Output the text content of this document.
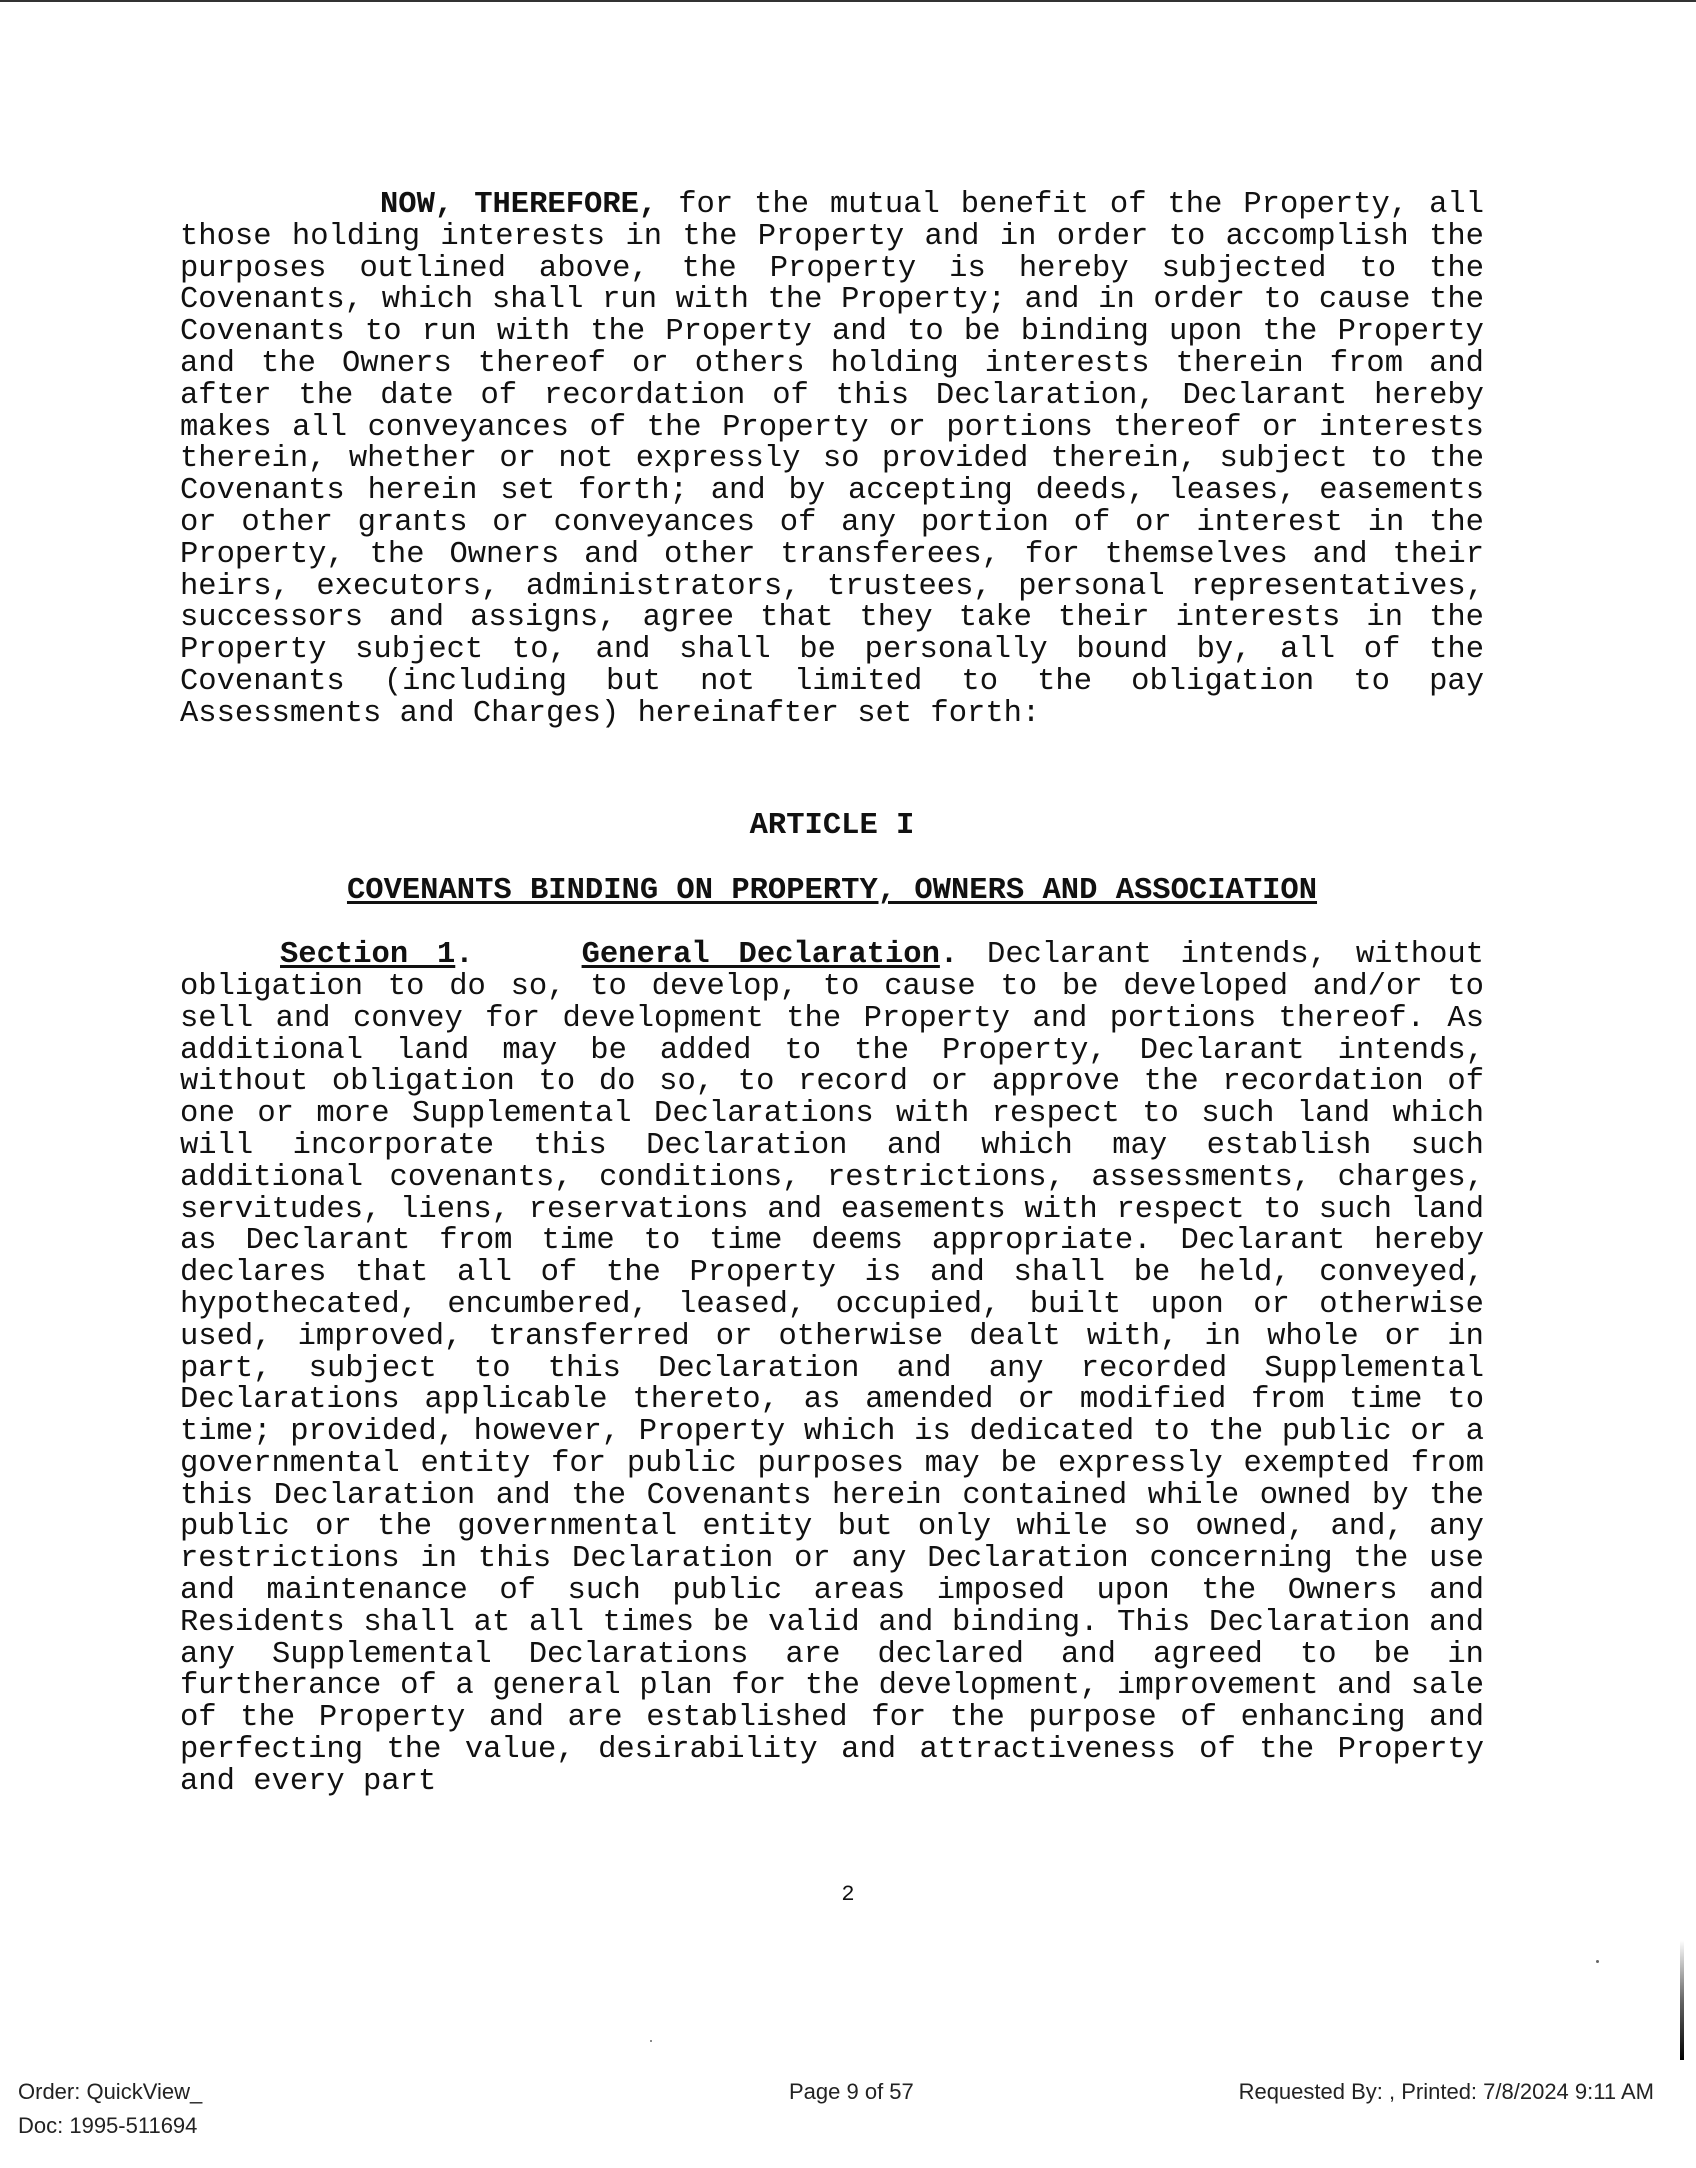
NOW, THEREFORE, for the mutual benefit of the Property, all those holding interests in the Property and in order to accomplish the purposes outlined above, the Property is hereby subjected to the Covenants, which shall run with the Property; and in order to cause the Covenants to run with the Property and to be binding upon the Property and the Owners thereof or others holding interests therein from and after the date of recordation of this Declaration, Declarant hereby makes all conveyances of the Property or portions thereof or interests therein, whether or not expressly so provided therein, subject to the Covenants herein set forth; and by accepting deeds, leases, easements or other grants or conveyances of any portion of or interest in the Property, the Owners and other transferees, for themselves and their heirs, executors, administrators, trustees, personal representatives, successors and assigns, agree that they take their interests in the Property subject to, and shall be personally bound by, all of the Covenants (including but not limited to the obligation to pay Assessments and Charges) hereinafter set forth:

ARTICLE I

COVENANTS BINDING ON PROPERTY, OWNERS AND ASSOCIATION

Section 1.	General Declaration. Declarant intends, without obligation to do so, to develop, to cause to be developed and/or to sell and convey for development the Property and portions thereof. As additional land may be added to the Property, Declarant intends, without obligation to do so, to record or approve the recordation of one or more Supplemental Declarations with respect to such land which will incorporate this Declaration and which may establish such additional covenants, conditions, restrictions, assessments, charges, servitudes, liens, reservations and easements with respect to such land as Declarant from time to time deems appropriate. Declarant hereby declares that all of the Property is and shall be held, conveyed, hypothecated, encumbered, leased, occupied, built upon or otherwise used, improved, transferred or otherwise dealt with, in whole or in part, subject to this Declaration and any recorded Supplemental Declarations applicable thereto, as amended or modified from time to time; provided, however, Property which is dedicated to the public or a governmental entity for public purposes may be expressly exempted from this Declaration and the Covenants herein contained while owned by the public or the governmental entity but only while so owned, and, any restrictions in this Declaration or any Declaration concerning the use and maintenance of such public areas imposed upon the Owners and Residents shall at all times be valid and binding. This Declaration and any Supplemental Declarations are declared and agreed to be in furtherance of a general plan for the development, improvement and sale of the Property and are established for the purpose of enhancing and perfecting the value, desirability and attractiveness of the Property and every part

2
Order: QuickView_
Doc: 1995-511694
Page 9 of 57	Requested By: , Printed: 7/8/2024 9:11 AM
